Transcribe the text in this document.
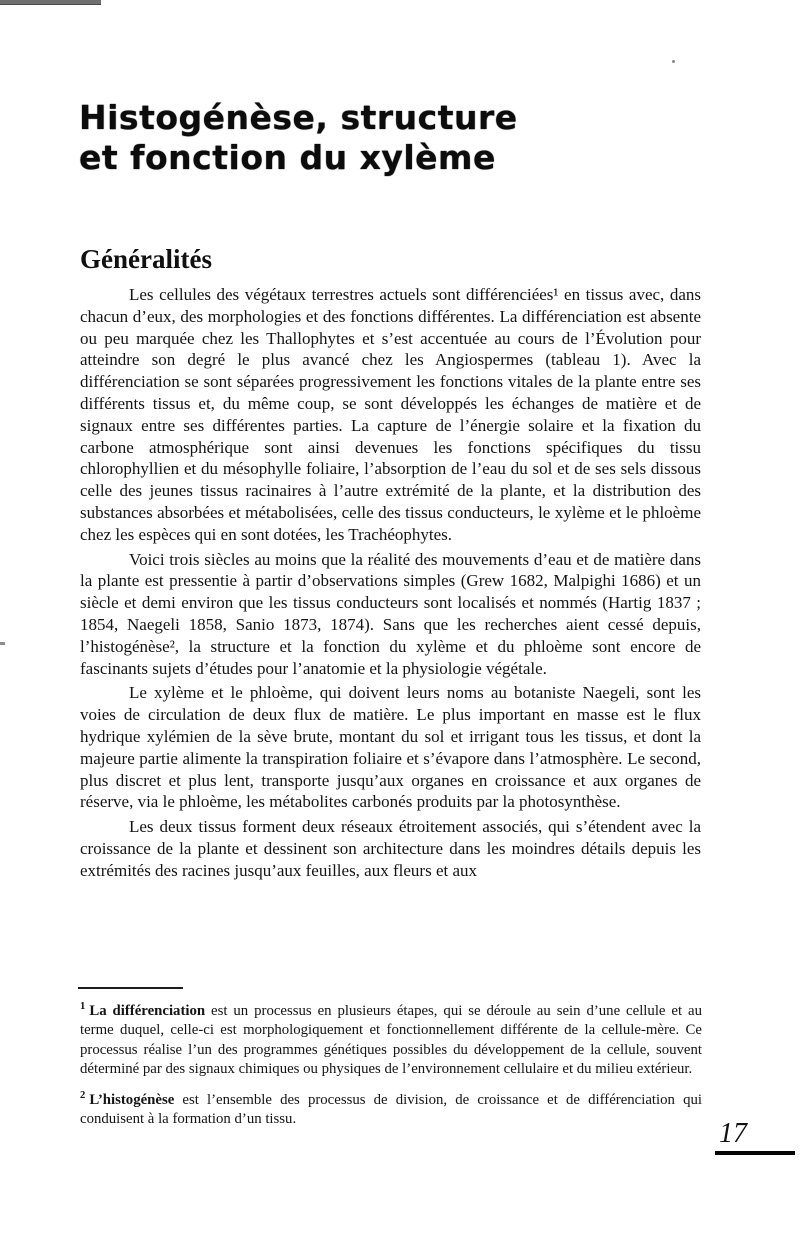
Histogénèse, structure
et fonction du xylème
Généralités

Les cellules des végétaux terrestres actuels sont différenciées¹ en tissus avec, dans chacun d’eux, des morphologies et des fonctions différentes. La différenciation est absente ou peu marquée chez les Thallophytes et s’est accentuée au cours de l’Évolution pour atteindre son degré le plus avancé chez les Angiospermes (tableau 1). Avec la différenciation se sont séparées progressivement les fonctions vitales de la plante entre ses différents tissus et, du même coup, se sont développés les échanges de matière et de signaux entre ses différentes parties. La capture de l’énergie solaire et la fixation du carbone atmosphérique sont ainsi devenues les fonctions spécifiques du tissu chlorophyllien et du mésophylle foliaire, l’absorption de l’eau du sol et de ses sels dissous celle des jeunes tissus racinaires à l’autre extrémité de la plante, et la distribution des substances absorbées et métabolisées, celle des tissus conducteurs, le xylème et le phloème chez les espèces qui en sont dotées, les Trachéophytes.

Voici trois siècles au moins que la réalité des mouvements d’eau et de matière dans la plante est pressentie à partir d’observations simples (Grew 1682, Malpighi 1686) et un siècle et demi environ que les tissus conducteurs sont localisés et nommés (Hartig 1837 ; 1854, Naegeli 1858, Sanio 1873, 1874). Sans que les recherches aient cessé depuis, l’histogénèse², la structure et la fonction du xylème et du phloème sont encore de fascinants sujets d’études pour l’anatomie et la physiologie végétale.

Le xylème et le phloème, qui doivent leurs noms au botaniste Naegeli, sont les voies de circulation de deux flux de matière. Le plus important en masse est le flux hydrique xylémien de la sève brute, montant du sol et irrigant tous les tissus, et dont la majeure partie alimente la transpiration foliaire et s’évapore dans l’atmosphère. Le second, plus discret et plus lent, transporte jusqu’aux organes en croissance et aux organes de réserve, via le phloème, les métabolites carbonés produits par la photosynthèse.

Les deux tissus forment deux réseaux étroitement associés, qui s’étendent avec la croissance de la plante et dessinent son architecture dans les moindres détails depuis les extrémités des racines jusqu’aux feuilles, aux fleurs et aux

$^1$ La différenciation est un processus en plusieurs étapes, qui se déroule au sein d’une cellule et au terme duquel, celle-ci est morphologiquement et fonctionnellement différente de la cellule-mère. Ce processus réalise l’un des programmes génétiques possibles du développement de la cellule, souvent déterminé par des signaux chimiques ou physiques de l’environnement cellulaire et du milieu extérieur.

$^2$ L’histogénèse est l’ensemble des processus de division, de croissance et de différenciation qui conduisent à la formation d’un tissu.	17
